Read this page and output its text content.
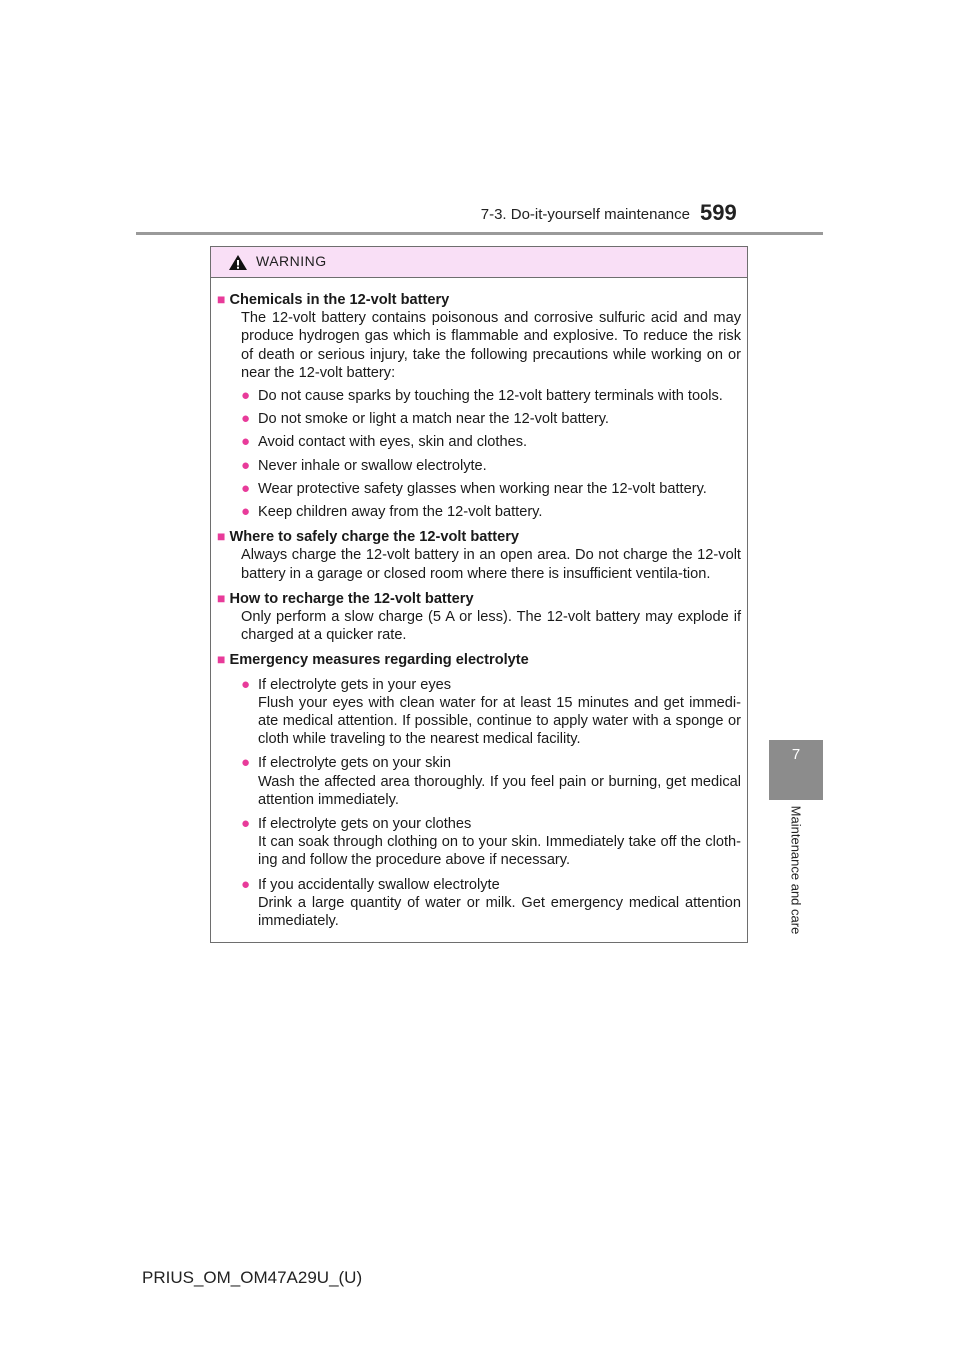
7-3. Do-it-yourself maintenance 599
7
Maintenance and care
WARNING
■ Chemicals in the 12-volt battery
The 12-volt battery contains poisonous and corrosive sulfuric acid and may produce hydrogen gas which is flammable and explosive. To reduce the risk of death or serious injury, take the following precautions while working on or near the 12-volt battery:
● Do not cause sparks by touching the 12-volt battery terminals with tools.
● Do not smoke or light a match near the 12-volt battery.
● Avoid contact with eyes, skin and clothes.
● Never inhale or swallow electrolyte.
● Wear protective safety glasses when working near the 12-volt battery.
● Keep children away from the 12-volt battery.
■ Where to safely charge the 12-volt battery
Always charge the 12-volt battery in an open area. Do not charge the 12-volt battery in a garage or closed room where there is insufficient ventila-tion.
■ How to recharge the 12-volt battery
Only perform a slow charge (5 A or less). The 12-volt battery may explode if charged at a quicker rate.
■ Emergency measures regarding electrolyte
● If electrolyte gets in your eyes
Flush your eyes with clean water for at least 15 minutes and get immedi-ate medical attention. If possible, continue to apply water with a sponge or cloth while traveling to the nearest medical facility.
● If electrolyte gets on your skin
Wash the affected area thoroughly. If you feel pain or burning, get medical attention immediately.
● If electrolyte gets on your clothes
It can soak through clothing on to your skin. Immediately take off the cloth-ing and follow the procedure above if necessary.
● If you accidentally swallow electrolyte
Drink a large quantity of water or milk. Get emergency medical attention immediately.
PRIUS_OM_OM47A29U_(U)
